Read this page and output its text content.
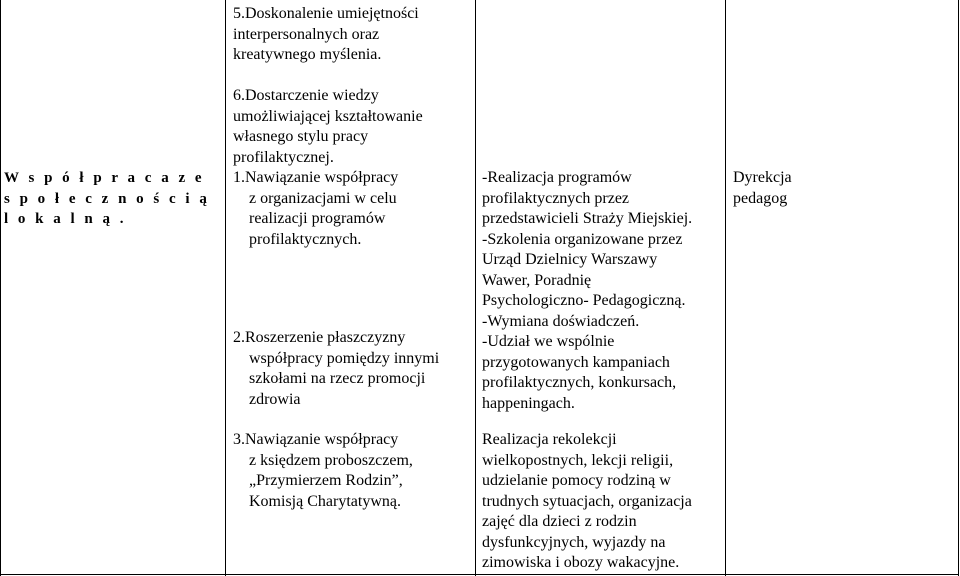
W s p ó ł p r a c a z e

s p o ł e c z n o ś c i ą

l o k a l n ą .

5.Doskonalenie umiejętności

interpersonalnych oraz

kreatywnego myślenia.

6.Dostarczenie wiedzy

umożliwiającej kształtowanie

własnego stylu pracy

profilaktycznej.

1.Nawiązanie współpracy

z organizacjami w celu

realizacji programów

profilaktycznych.

2.Roszerzenie płaszczyzny

współpracy pomiędzy innymi

szkołami na rzecz promocji

zdrowia

3.Nawiązanie współpracy

z księdzem proboszczem,

„Przymierzem Rodzin”,

Komisją Charytatywną.

-Realizacja programów

profilaktycznych przez

przedstawicieli Straży Miejskiej.

-Szkolenia organizowane przez

Urząd Dzielnicy Warszawy

Wawer, Poradnię

Psychologiczno- Pedagogiczną.

-Wymiana doświadczeń.

-Udział we wspólnie

przygotowanych kampaniach

profilaktycznych, konkursach,

happeningach.

Realizacja rekolekcji

wielkopostnych, lekcji religii,

udzielanie pomocy rodziną w

trudnych sytuacjach, organizacja

zajęć dla dzieci z rodzin

dysfunkcyjnych, wyjazdy na

zimowiska i obozy wakacyjne.

Dyrekcja

pedagog
